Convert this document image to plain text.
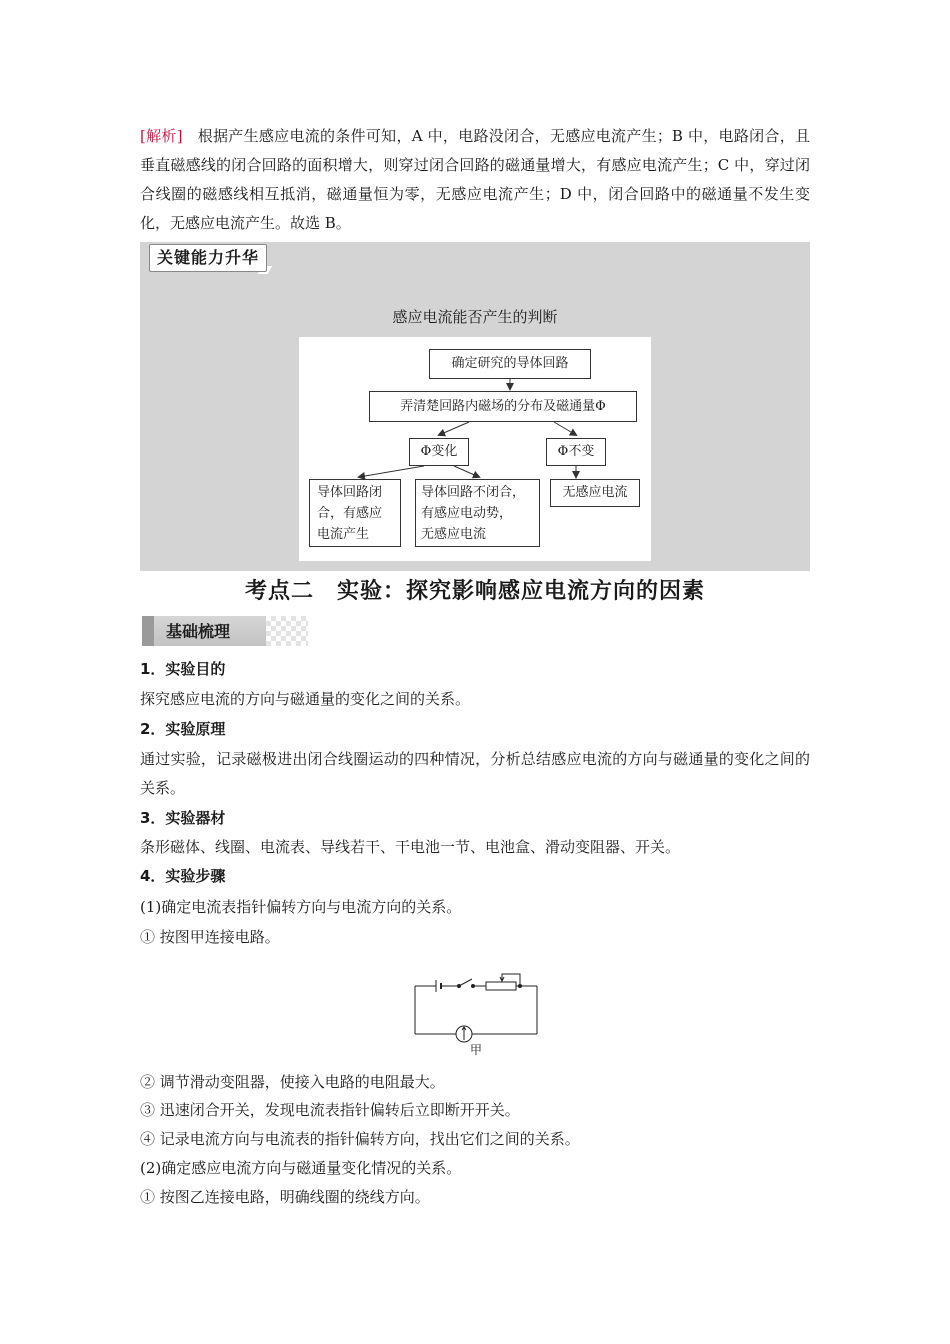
[解析] 根据产生感应电流的条件可知，A 中，电路没闭合，无感应电流产生；B 中，电路闭合，且垂直磁感线的闭合回路的面积增大，则穿过闭合回路的磁通量增大，有感应电流产生；C 中，穿过闭合线圈的磁感线相互抵消，磁通量恒为零，无感应电流产生；D 中，闭合回路中的磁通量不发生变化，无感应电流产生。故选 B。
关键能力升华
感应电流能否产生的判断
确定研究的导体回路
弄清楚回路内磁场的分布及磁通量Φ
Φ变化	Φ不变
导体回路闭
合，有感应
电流产生
导体回路不闭合，
有感应电动势，
无感应电流
无感应电流
考点二　实验：探究影响感应电流方向的因素
基础梳理
1．实验目的
探究感应电流的方向与磁通量的变化之间的关系。
2．实验原理
通过实验，记录磁极进出闭合线圈运动的四种情况，分析总结感应电流的方向与磁通量的变化之间的关系。
3．实验器材
条形磁体、线圈、电流表、导线若干、干电池一节、电池盒、滑动变阻器、开关。
4．实验步骤
(1)确定电流表指针偏转方向与电流方向的关系。
① 按图甲连接电路。
甲
② 调节滑动变阻器，使接入电路的电阻最大。
③ 迅速闭合开关，发现电流表指针偏转后立即断开开关。
④ 记录电流方向与电流表的指针偏转方向，找出它们之间的关系。
(2)确定感应电流方向与磁通量变化情况的关系。
① 按图乙连接电路，明确线圈的绕线方向。
